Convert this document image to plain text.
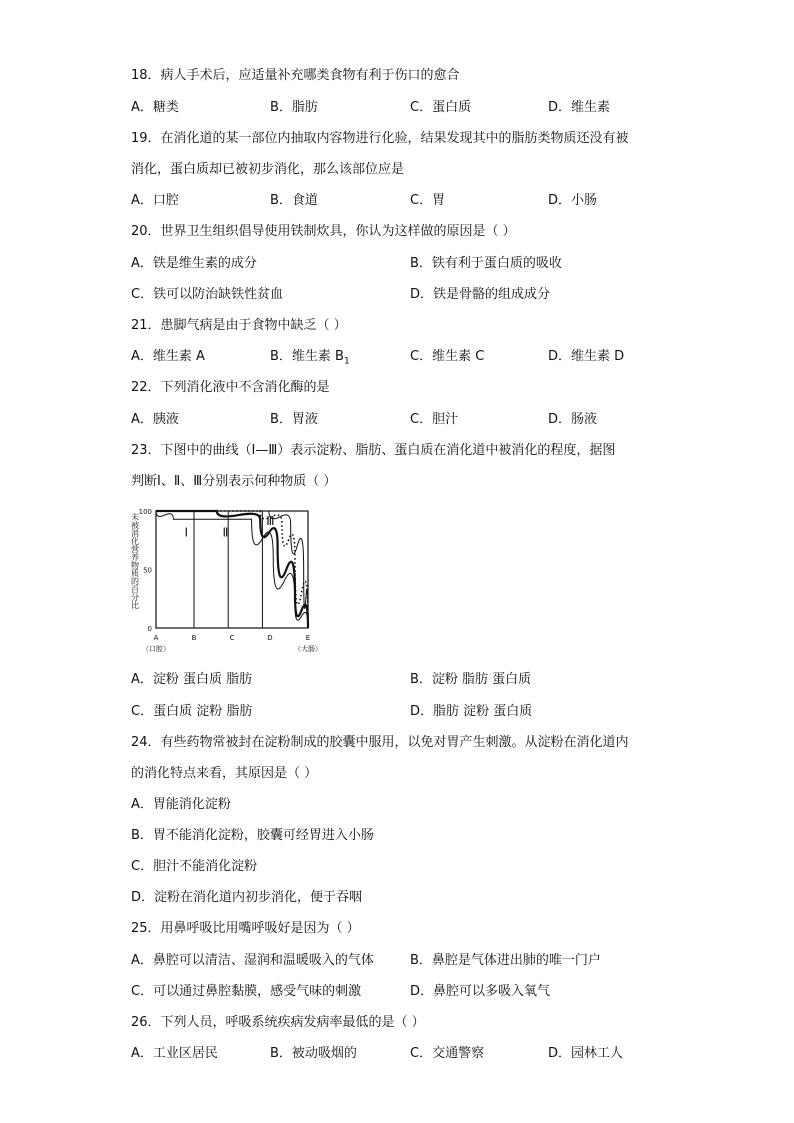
18．病人手术后，应适量补充哪类食物有利于伤口的愈合
A．糖类	B．脂肪	C．蛋白质	D．维生素
19．在消化道的某一部位内抽取内容物进行化验，结果发现其中的脂肪类物质还没有被
消化，蛋白质却已被初步消化，那么该部位应是
A．口腔	B．食道	C．胃	D．小肠
20．世界卫生组织倡导使用铁制炊具，你认为这样做的原因是（ ）
A．铁是维生素的成分	B．铁有利于蛋白质的吸收
C．铁可以防治缺铁性贫血	D．铁是骨骼的组成成分
21．患脚气病是由于食物中缺乏（ ）
A．维生素 A	B．维生素 $B_1$	C．维生素 C	D．维生素 D
22．下列消化液中不含消化酶的是
A．胰液	B．胃液	C．胆汁	D．肠液
23．下图中的曲线（Ⅰ—Ⅲ）表示淀粉、脂肪、蛋白质在消化道中被消化的程度，据图
判断Ⅰ、Ⅱ、Ⅲ分别表示何种物质（ ）
未被消化营养物质的百分比
0
50
100
Ⅰ	Ⅱ
Ⅲ
A
（口腔）
B	C	D	E
（大肠）
A．淀粉 蛋白质 脂肪	B．淀粉 脂肪 蛋白质
C．蛋白质 淀粉 脂肪	D．脂肪 淀粉 蛋白质
24．有些药物常被封在淀粉制成的胶囊中服用，以免对胃产生刺激。从淀粉在消化道内
的消化特点来看，其原因是（ ）
A．胃能消化淀粉
B．胃不能消化淀粉，胶囊可经胃进入小肠
C．胆汁不能消化淀粉
D．淀粉在消化道内初步消化，便于吞咽
25．用鼻呼吸比用嘴呼吸好是因为（ ）
A．鼻腔可以清洁、湿润和温暖吸入的气体	B．鼻腔是气体进出肺的唯一门户
C．可以通过鼻腔黏膜，感受气味的刺激	D．鼻腔可以多吸入氧气
26．下列人员，呼吸系统疾病发病率最低的是（ ）
A．工业区居民	B．被动吸烟的	C．交通警察	D．园林工人
